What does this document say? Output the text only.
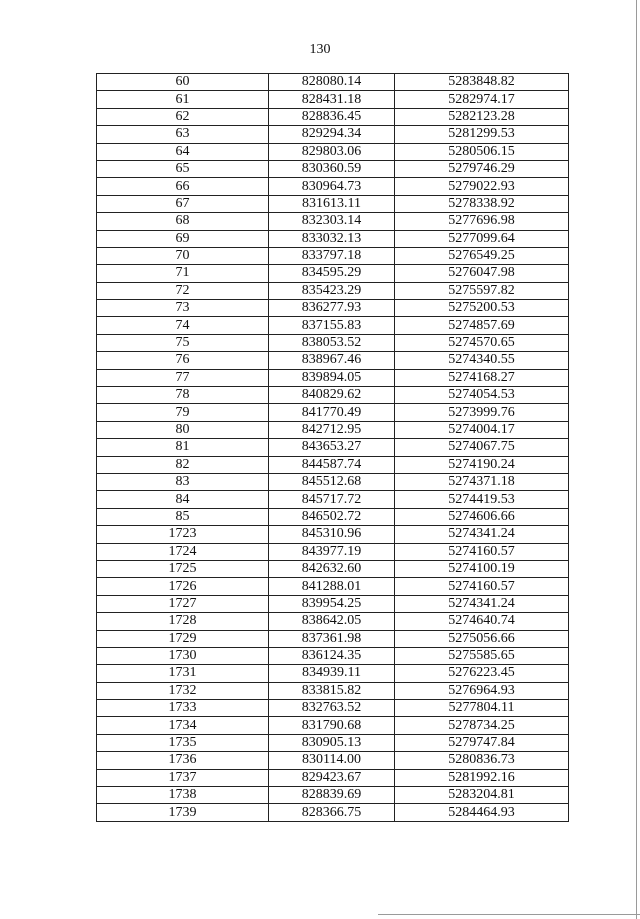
130
60	828080.14	5283848.82
61	828431.18	5282974.17
62	828836.45	5282123.28
63	829294.34	5281299.53
64	829803.06	5280506.15
65	830360.59	5279746.29
66	830964.73	5279022.93
67	831613.11	5278338.92
68	832303.14	5277696.98
69	833032.13	5277099.64
70	833797.18	5276549.25
71	834595.29	5276047.98
72	835423.29	5275597.82
73	836277.93	5275200.53
74	837155.83	5274857.69
75	838053.52	5274570.65
76	838967.46	5274340.55
77	839894.05	5274168.27
78	840829.62	5274054.53
79	841770.49	5273999.76
80	842712.95	5274004.17
81	843653.27	5274067.75
82	844587.74	5274190.24
83	845512.68	5274371.18
84	845717.72	5274419.53
85	846502.72	5274606.66
1723	845310.96	5274341.24
1724	843977.19	5274160.57
1725	842632.60	5274100.19
1726	841288.01	5274160.57
1727	839954.25	5274341.24
1728	838642.05	5274640.74
1729	837361.98	5275056.66
1730	836124.35	5275585.65
1731	834939.11	5276223.45
1732	833815.82	5276964.93
1733	832763.52	5277804.11
1734	831790.68	5278734.25
1735	830905.13	5279747.84
1736	830114.00	5280836.73
1737	829423.67	5281992.16
1738	828839.69	5283204.81
1739	828366.75	5284464.93
